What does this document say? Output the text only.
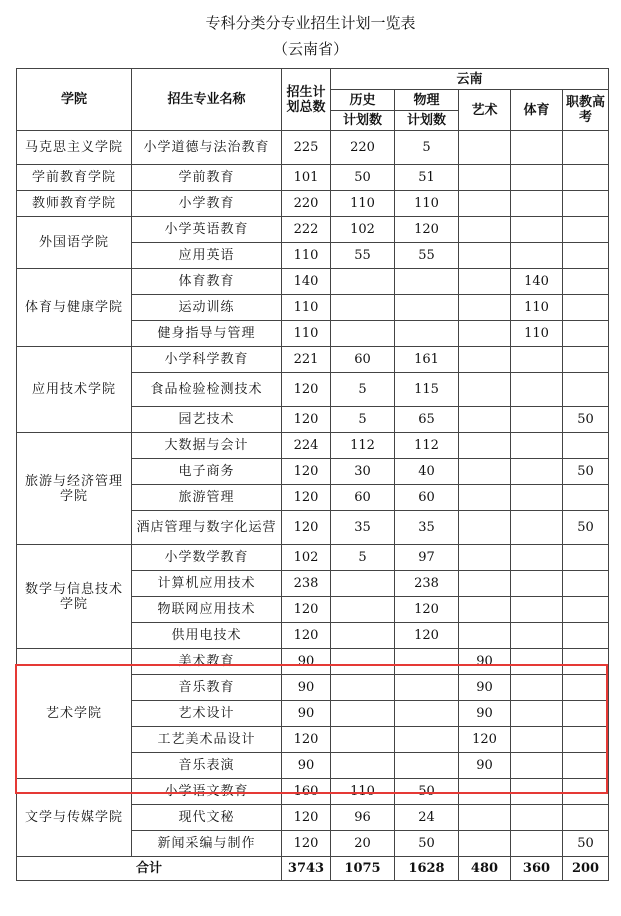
专科分类分专业招生计划一览表
（云南省）
学院	招生专业名称	招生计划总数	云南				
			历史	物理	艺术	体育	职教高考
			计划数	计划数			
马克思主义学院	小学道德与法治教育	225	220	5			
学前教育学院	学前教育	101	50	51			
教师教育学院	小学教育	220	110	110			
外国语学院	小学英语教育	222	102	120			
	应用英语	110	55	55			
体育与健康学院	体育教育	140				140	
	运动训练	110				110	
	健身指导与管理	110				110	
应用技术学院	小学科学教育	221	60	161			
	食品检验检测技术	120	5	115			
	园艺技术	120	5	65			50
旅游与经济管理学院	大数据与会计	224	112	112			
	电子商务	120	30	40			50
	旅游管理	120	60	60			
	酒店管理与数字化运营	120	35	35			50
数学与信息技术学院	小学数学教育	102	5	97			
	计算机应用技术	238		238			
	物联网应用技术	120		120			
	供用电技术	120		120			
艺术学院	美术教育	90			90		
	音乐教育	90			90		
	艺术设计	90			90		
	工艺美术品设计	120			120		
	音乐表演	90			90		
文学与传媒学院	小学语文教育	160	110	50			
	现代文秘	120	96	24			
	新闻采编与制作	120	20	50			50
合计		3743	1075	1628	480	360	200
